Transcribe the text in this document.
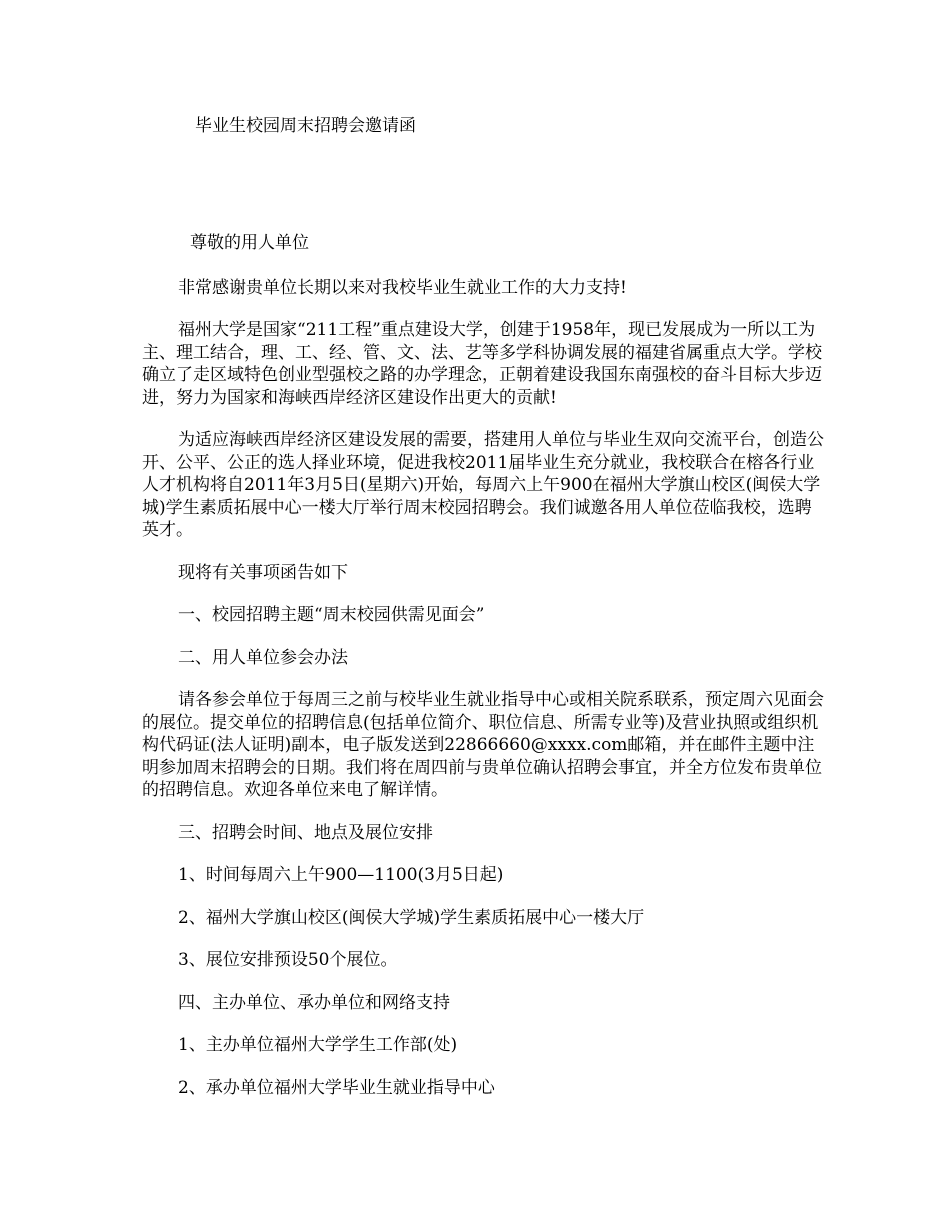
毕业生校园周末招聘会邀请函

尊敬的用人单位

非常感谢贵单位长期以来对我校毕业生就业工作的大力支持!

福州大学是国家“211工程”重点建设大学，创建于1958年，现已发展成为一所以工为主、理工结合，理、工、经、管、文、法、艺等多学科协调发展的福建省属重点大学。学校确立了走区域特色创业型强校之路的办学理念，正朝着建设我国东南强校的奋斗目标大步迈进，努力为国家和海峡西岸经济区建设作出更大的贡献!

为适应海峡西岸经济区建设发展的需要，搭建用人单位与毕业生双向交流平台，创造公开、公平、公正的选人择业环境，促进我校2011届毕业生充分就业，我校联合在榕各行业人才机构将自2011年3月5日(星期六)开始，每周六上午900在福州大学旗山校区(闽侯大学城)学生素质拓展中心一楼大厅举行周末校园招聘会。我们诚邀各用人单位莅临我校，选聘英才。

现将有关事项函告如下

一、校园招聘主题“周末校园供需见面会”

二、用人单位参会办法

请各参会单位于每周三之前与校毕业生就业指导中心或相关院系联系，预定周六见面会的展位。提交单位的招聘信息(包括单位简介、职位信息、所需专业等)及营业执照或组织机构代码证(法人证明)副本，电子版发送到22866660@xxxx.com邮箱，并在邮件主题中注明参加周末招聘会的日期。我们将在周四前与贵单位确认招聘会事宜，并全方位发布贵单位的招聘信息。欢迎各单位来电了解详情。

三、招聘会时间、地点及展位安排

1、时间每周六上午900—1100(3月5日起)

2、福州大学旗山校区(闽侯大学城)学生素质拓展中心一楼大厅

3、展位安排预设50个展位。

四、主办单位、承办单位和网络支持

1、主办单位福州大学学生工作部(处)

2、承办单位福州大学毕业生就业指导中心
